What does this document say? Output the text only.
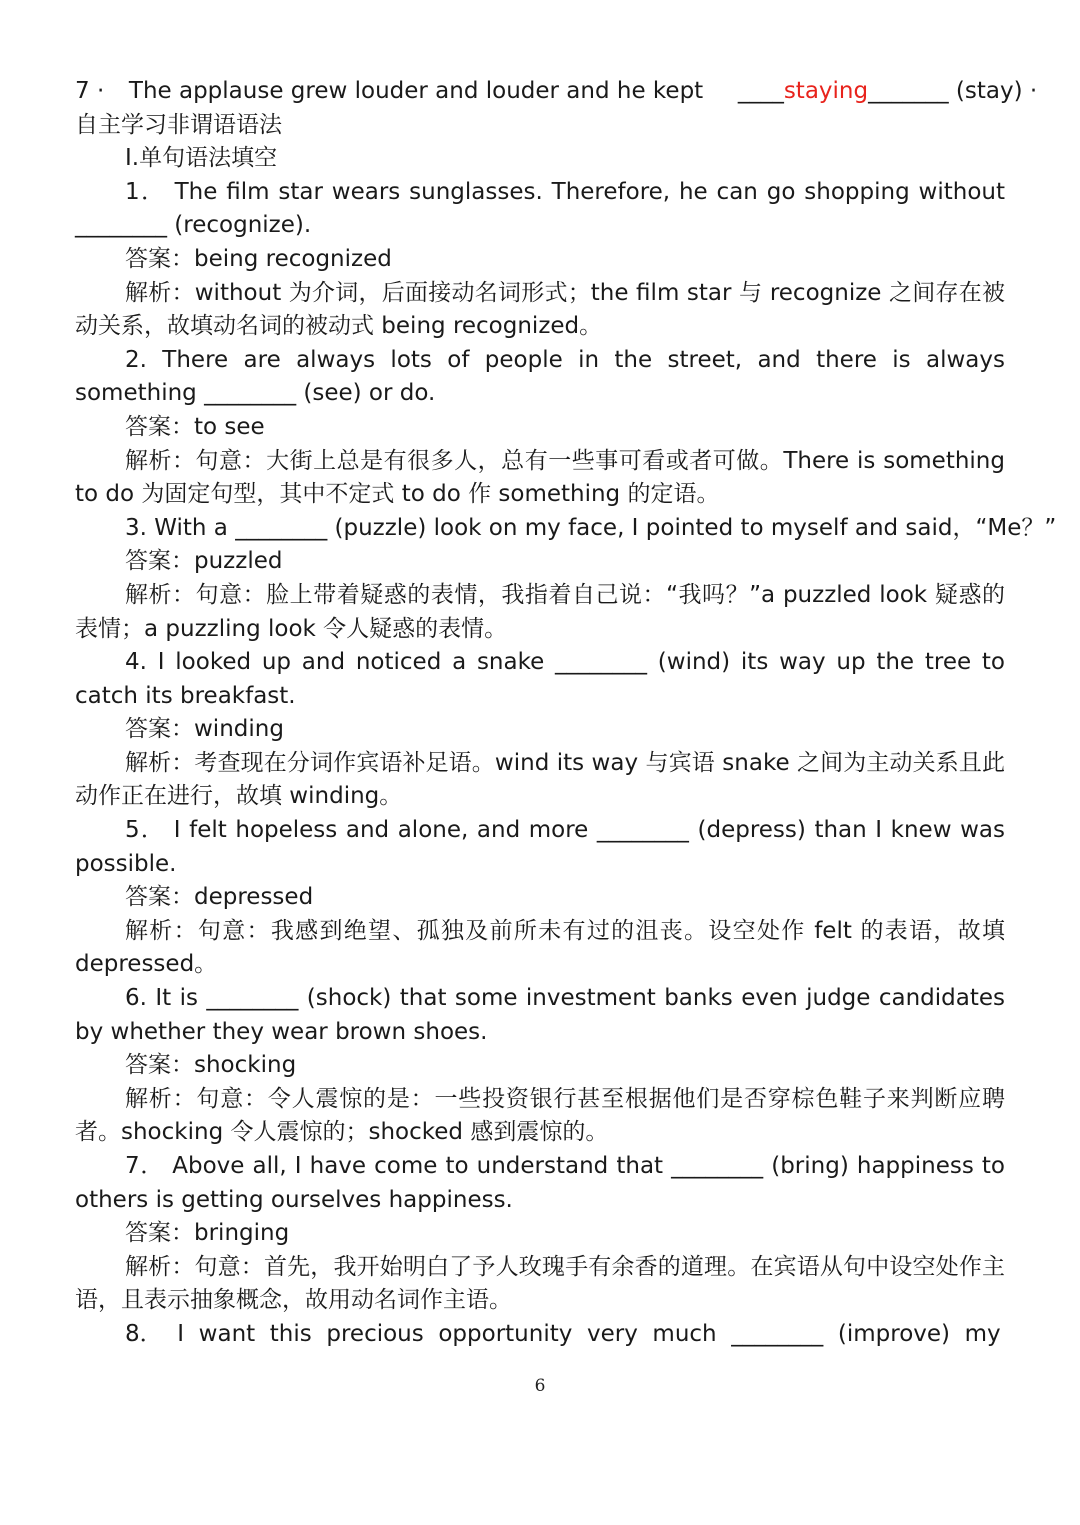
7 · The applause grew louder and louder and he kept ____staying_______ (stay) ·

自主学习非谓语语法

Ⅰ.单句语法填空

1． The film star wears sunglasses. Therefore, he can go shopping without ________ (recognize).

答案：being recognized

解析：without 为介词，后面接动名词形式；the film star 与 recognize 之间存在被动关系，故填动名词的被动式 being recognized。

2. There are always lots of people in the street, and there is always something ________ (see) or do.

答案：to see

解析：句意：大街上总是有很多人，总有一些事可看或者可做。There is something to do 为固定句型，其中不定式 to do 作 something 的定语。

3. With a ________ (puzzle) look on my face, I pointed to myself and said，“Me？”

答案：puzzled

解析：句意：脸上带着疑惑的表情，我指着自己说：“我吗？”a puzzled look 疑惑的表情；a puzzling look 令人疑惑的表情。

4. I looked up and noticed a snake ________ (wind) its way up the tree to catch its breakfast.

答案：winding

解析：考查现在分词作宾语补足语。wind its way 与宾语 snake 之间为主动关系且此动作正在进行，故填 winding。

5． I felt hopeless and alone, and more ________ (depress) than I knew was possible.

答案：depressed

解析：句意：我感到绝望、孤独及前所未有过的沮丧。设空处作 felt 的表语，故填 depressed。

6. It is ________ (shock) that some investment banks even judge candidates by whether they wear brown shoes.

答案：shocking

解析：句意：令人震惊的是：一些投资银行甚至根据他们是否穿棕色鞋子来判断应聘者。shocking 令人震惊的；shocked 感到震惊的。

7． Above all, I have come to understand that ________ (bring) happiness to others is getting ourselves happiness.

答案：bringing

解析：句意：首先，我开始明白了予人玫瑰手有余香的道理。在宾语从句中设空处作主语，且表示抽象概念，故用动名词作主语。

8．  I  want  this  precious  opportunity  very  much  ________  (improve)  my

6
